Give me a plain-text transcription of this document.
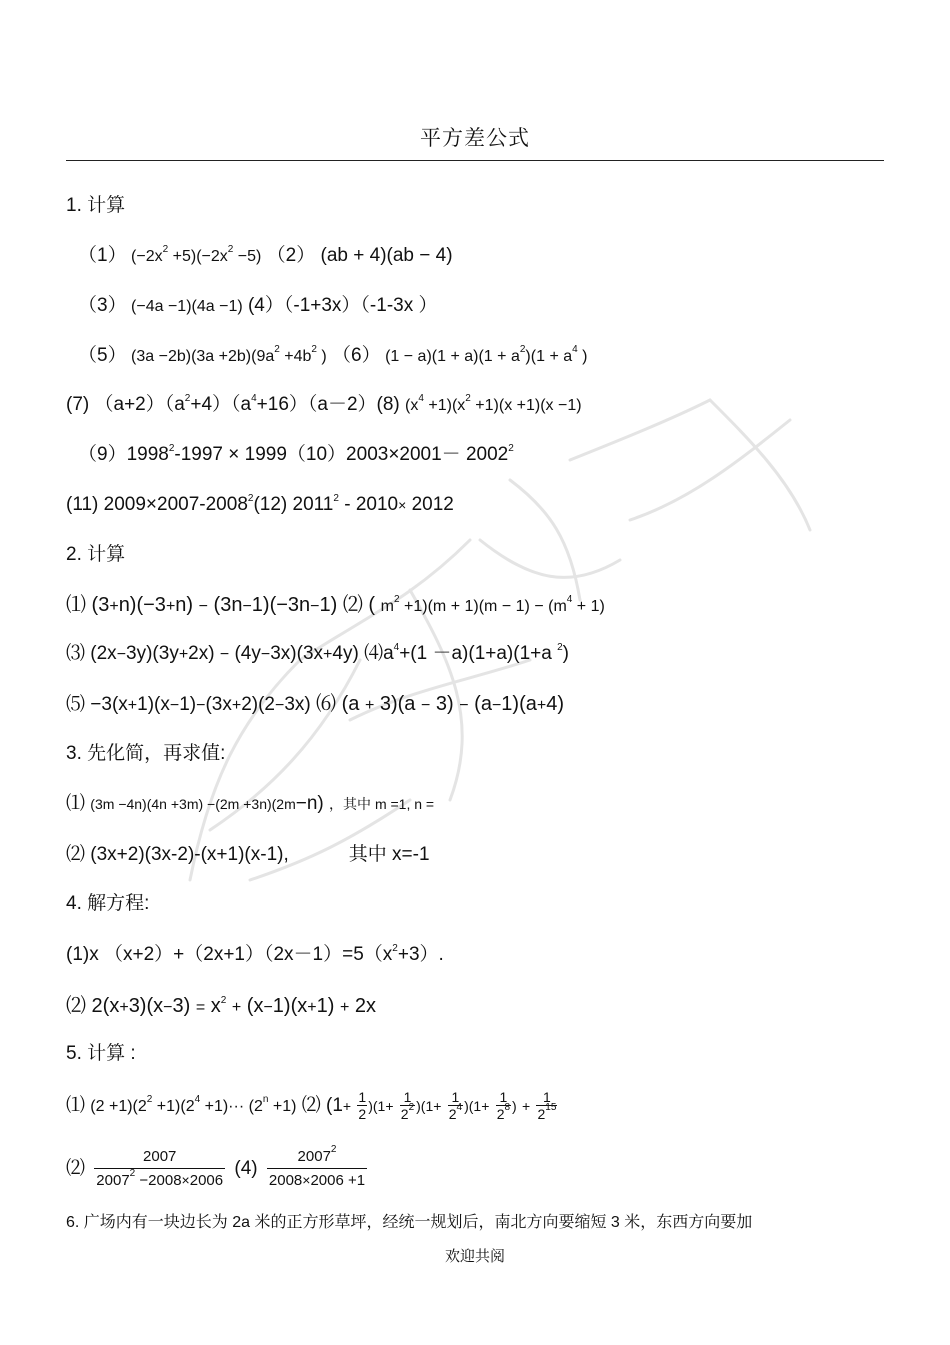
平方差公式
1. 计算
（1） $(-2x^2 +5)(-2x^2 -5)$ （2） (ab + 4)(ab − 4)
（3） (−4a −1)(4a −1) (4）（-1+3x）（-1-3x ）
（5） $(3a -2b)(3a +2b)(9a^2 +4b^2$ ) （6） $(1 - a)(1 + a)(1 + a^2)(1 + a^4$ )
(7) $(a+2)(a^2+4)(a^4+16)(a-2)(8)$ $(x^4 +1)(x^2 +1)(x +1)(x -1)$
$(9)1998^2-1997 \times 1999(10)2003\times 2001- 2002^2$
(11) $2009\times 2007-2008^2(12)$ 2011$^2$ - 2010× 2012
2. 计算
⑴ (3+n)(−3+n) − (3n−1)(−3n−1) ⑵ ( $m^2 +1)(m + 1)(m - 1) - (m^4 + 1)$
⑶ (2x−3y)(3y+2x) − (4y−3x)(3x+4y) $⑷a^4+(1 -a)(1+a)(1+a$ $^2$)
⑸ −3(x+1)(x−1)−(3x+2)(2−3x) ⑹ (a + 3)(a − 3) − (a−1)(a+4)
3. 先化简，再求值:
⑴ (3m −4n)(4n +3m) −(2m +3n)(2m−n) ，其中 m =1, n =
⑵ (3x+2)(3x-2)-(x+1)(x-1),	其中 x=-1
4. 解方程:
(1)x $(x+2)+(2x+1)(2x-1)=5(x^2+3)$.
⑵ $2(x+3)(x-3) = x^2 + (x-1)(x+1) + 2x$
5. 计算 :
⑴ $(2 +1)(2^2 +1)(2^4 +1)\cdot\cdot\cdot (2^n +1)$ ⑵ $(1+ \frac{1}{2} )(1+ \frac{1}{2^2} )(1+ \frac{1}{2^4} )(1+ \frac{1}{2^8}$ ) + $\frac{1}{2^{15}}$
⑵ $\frac{2007}{2007^2 -2008\times 2006} (4) \frac{2007^2}{2008\times 2006 +1}$
6. 广场内有一块边长为 2a 米的正方形草坪，经统一规划后，南北方向要缩短 3 米，东西方向要加
欢迎共阅
